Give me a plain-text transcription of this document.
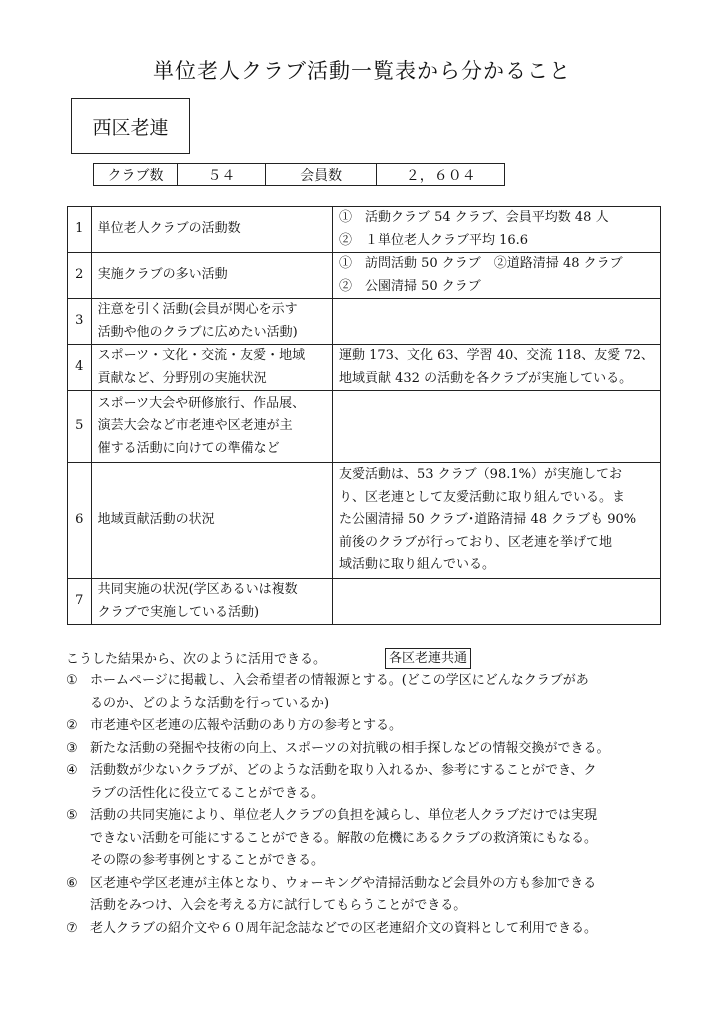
単位老人クラブ活動一覧表から分かること
西区老連
クラブ数	５４	会員数	２，６０４
1	単位老人クラブの活動数	①　活動クラブ 54 クラブ、会員平均数 48 人
②　１単位老人クラブ平均 16.6

2	実施クラブの多い活動	①　訪問活動 50 クラブ　②道路清掃 48 クラブ
②　公園清掃 50 クラブ

3	注意を引く活動(会員が関心を示す
活動や他のクラブに広めたい活動)	

4	スポーツ・文化・交流・友愛・地域
貢献など、分野別の実施状況	運動 173、文化 63、学習 40、交流 118、友愛 72、
地域貢献 432 の活動を各クラブが実施している。

5	スポーツ大会や研修旅行、作品展、
演芸大会など市老連や区老連が主
催する活動に向けての準備など	

6	地域貢献活動の状況	友愛活動は、53 クラブ（98.1%）が実施してお
り、区老連として友愛活動に取り組んでいる。ま
た公園清掃 50 クラブ･道路清掃 48 クラブも 90%
前後のクラブが行っており、区老連を挙げて地
域活動に取り組んでいる。

7	共同実施の状況(学区あるいは複数
クラブで実施している活動)	

こうした結果から、次のように活用できる。	各区老連共通
① ホームページに掲載し、入会希望者の情報源とする。(どこの学区にどんなクラブがあ
るのか、どのような活動を行っているか)
② 市老連や区老連の広報や活動のあり方の参考とする。
③ 新たな活動の発掘や技術の向上、スポーツの対抗戦の相手探しなどの情報交換ができる。
④ 活動数が少ないクラブが、どのような活動を取り入れるか、参考にすることができ、ク
ラブの活性化に役立てることができる。
⑤ 活動の共同実施により、単位老人クラブの負担を減らし、単位老人クラブだけでは実現
できない活動を可能にすることができる。解散の危機にあるクラブの救済策にもなる。
その際の参考事例とすることができる。
⑥ 区老連や学区老連が主体となり、ウォーキングや清掃活動など会員外の方も参加できる
活動をみつけ、入会を考える方に試行してもらうことができる。
⑦ 老人クラブの紹介文や６０周年記念誌などでの区老連紹介文の資料として利用できる。
